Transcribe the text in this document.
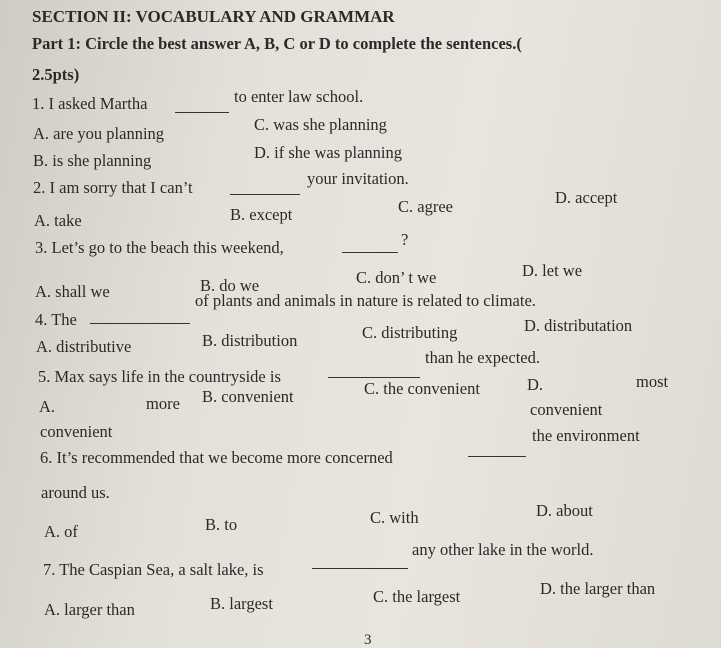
SECTION II: VOCABULARY AND GRAMMAR
Part 1: Circle the best answer A, B, C or D to complete the sentences.(
2.5pts)
1. I asked Martha	to enter law school.
A. are you planning	C. was she planning
B. is she planning	D. if she was planning
2. I am sorry that I can’t	your invitation.
A. take	B. except	C. agree	D. accept
3. Let’s go to the beach this weekend,	?
A. shall we	B. do we	C. don’ t we	D. let we
4. The
of plants and animals in nature is related to climate.
A. distributive	B. distribution	C. distributing	D. distributation
5. Max says life in the countryside is
than he expected.
A.	more
convenient
B. convenient	C. the convenient	D.	most
convenient
6. It’s recommended that we become more concerned
the environment
around us.
A. of	B. to	C. with	D. about
7. The Caspian Sea, a salt lake, is
any other lake in the world.
A. larger than	B. largest	C. the largest	D. the larger than
3
